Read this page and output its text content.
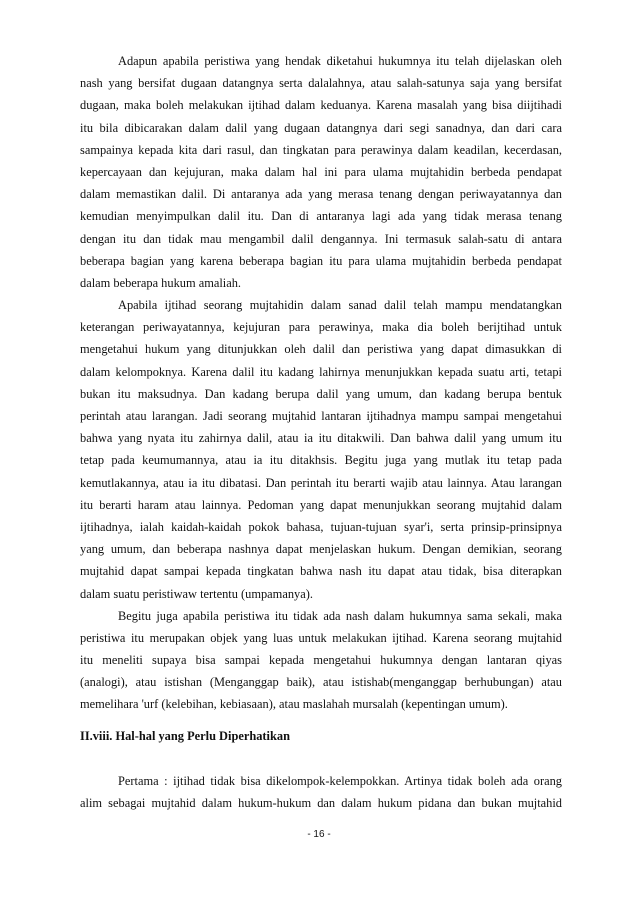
Adapun apabila peristiwa yang hendak diketahui hukumnya itu telah dijelaskan oleh
nash yang bersifat dugaan datangnya serta dalalahnya, atau salah-satunya saja yang bersifat
dugaan, maka boleh melakukan ijtihad dalam keduanya. Karena masalah yang bisa diijtihadi
itu bila dibicarakan dalam dalil yang dugaan datangnya dari segi sanadnya, dan dari cara
sampainya kepada kita dari rasul, dan tingkatan para perawinya dalam keadilan, kecerdasan,
kepercayaan dan kejujuran, maka dalam hal ini para ulama mujtahidin berbeda pendapat
dalam memastikan dalil. Di antaranya ada yang merasa tenang dengan periwayatannya dan
kemudian menyimpulkan dalil itu. Dan di antaranya lagi ada yang tidak merasa tenang
dengan itu dan tidak mau mengambil dalil dengannya. Ini termasuk salah-satu di antara
beberapa bagian yang karena beberapa bagian itu para ulama mujtahidin berbeda pendapat
dalam beberapa hukum amaliah.
Apabila ijtihad seorang mujtahidin dalam sanad dalil telah mampu mendatangkan
keterangan periwayatannya, kejujuran para perawinya, maka dia boleh berijtihad untuk
mengetahui hukum yang ditunjukkan oleh dalil dan peristiwa yang dapat dimasukkan di
dalam kelompoknya. Karena dalil itu kadang lahirnya menunjukkan kepada suatu arti, tetapi
bukan itu maksudnya. Dan kadang berupa dalil yang umum, dan kadang berupa bentuk
perintah atau larangan. Jadi seorang mujtahid lantaran ijtihadnya mampu sampai mengetahui
bahwa yang nyata itu zahirnya dalil, atau ia itu ditakwili. Dan bahwa dalil yang umum itu
tetap pada keumumannya, atau ia itu ditakhsis. Begitu juga yang mutlak itu tetap pada
kemutlakannya, atau ia itu dibatasi. Dan perintah itu berarti wajib atau lainnya. Atau larangan
itu berarti haram atau lainnya. Pedoman yang dapat menunjukkan seorang mujtahid dalam
ijtihadnya, ialah kaidah-kaidah pokok bahasa, tujuan-tujuan syar'i, serta prinsip-prinsipnya
yang umum, dan beberapa nashnya dapat menjelaskan hukum. Dengan demikian, seorang
mujtahid dapat sampai kepada tingkatan bahwa nash itu dapat atau tidak, bisa diterapkan
dalam suatu peristiwaw tertentu (umpamanya).
Begitu juga apabila peristiwa itu tidak ada nash dalam hukumnya sama sekali, maka
peristiwa itu merupakan objek yang luas untuk melakukan ijtihad. Karena seorang mujtahid
itu meneliti supaya bisa sampai kepada mengetahui hukumnya dengan lantaran qiyas
(analogi), atau istishan (Menganggap baik), atau istishab(menganggap berhubungan) atau
memelihara 'urf (kelebihan, kebiasaan), atau maslahah mursalah (kepentingan umum).
II.viii. Hal-hal yang Perlu Diperhatikan
Pertama : ijtihad tidak bisa dikelompok-kelempokkan. Artinya tidak boleh ada orang
alim sebagai mujtahid dalam hukum-hukum dan dalam hukum pidana dan bukan mujtahid
- 16 -
